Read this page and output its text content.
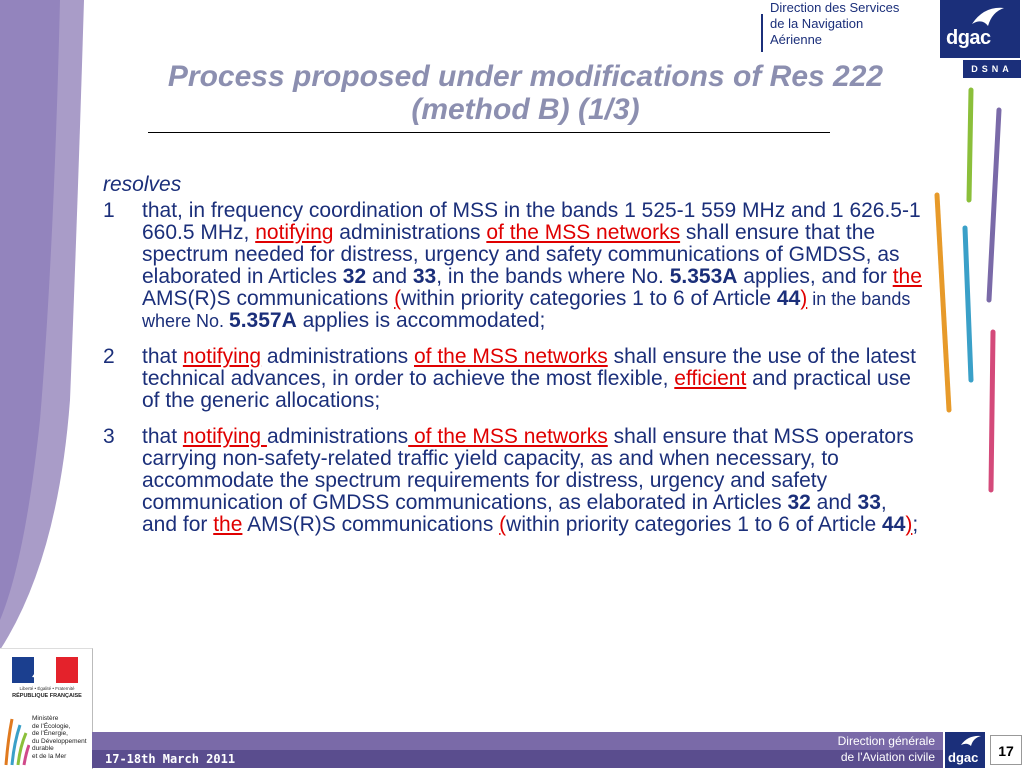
Liberté • Égalité • Fraternité
RÉPUBLIQUE FRANÇAISE
Ministère
de l'Écologie,
de l'Énergie,
du Développement
durable
et de la Mer
Direction des Services
de la Navigation
Aérienne	dgac
DSNA
Process proposed under modifications of Res 222
(method B) (1/3)
resolves
1 that, in frequency coordination of MSS in the bands 1 525-1 559 MHz and 1 626.5-1 660.5 MHz, notifying administrations of the MSS networks shall ensure that the spectrum needed for distress, urgency and safety communications of GMDSS, as elaborated in Articles 32 and 33, in the bands where No. 5.353A applies, and for the AMS(R)S communications (within priority categories 1 to 6 of Article 44) in the bands where No. 5.357A applies is accommodated;
2 that notifying administrations of the MSS networks shall ensure the use of the latest technical advances, in order to achieve the most flexible, efficient and practical use of the generic allocations;
3 that notifying administrations of the MSS networks shall ensure that MSS operators carrying non-safety-related traffic yield capacity, as and when necessary, to accommodate the spectrum requirements for distress, urgency and safety communication of GMDSS communications, as elaborated in Articles 32 and 33, and for the AMS(R)S communications (within priority categories 1 to 6 of Article 44);
17-18th March 2011
Direction générale
de l'Aviation civile dgac	17
